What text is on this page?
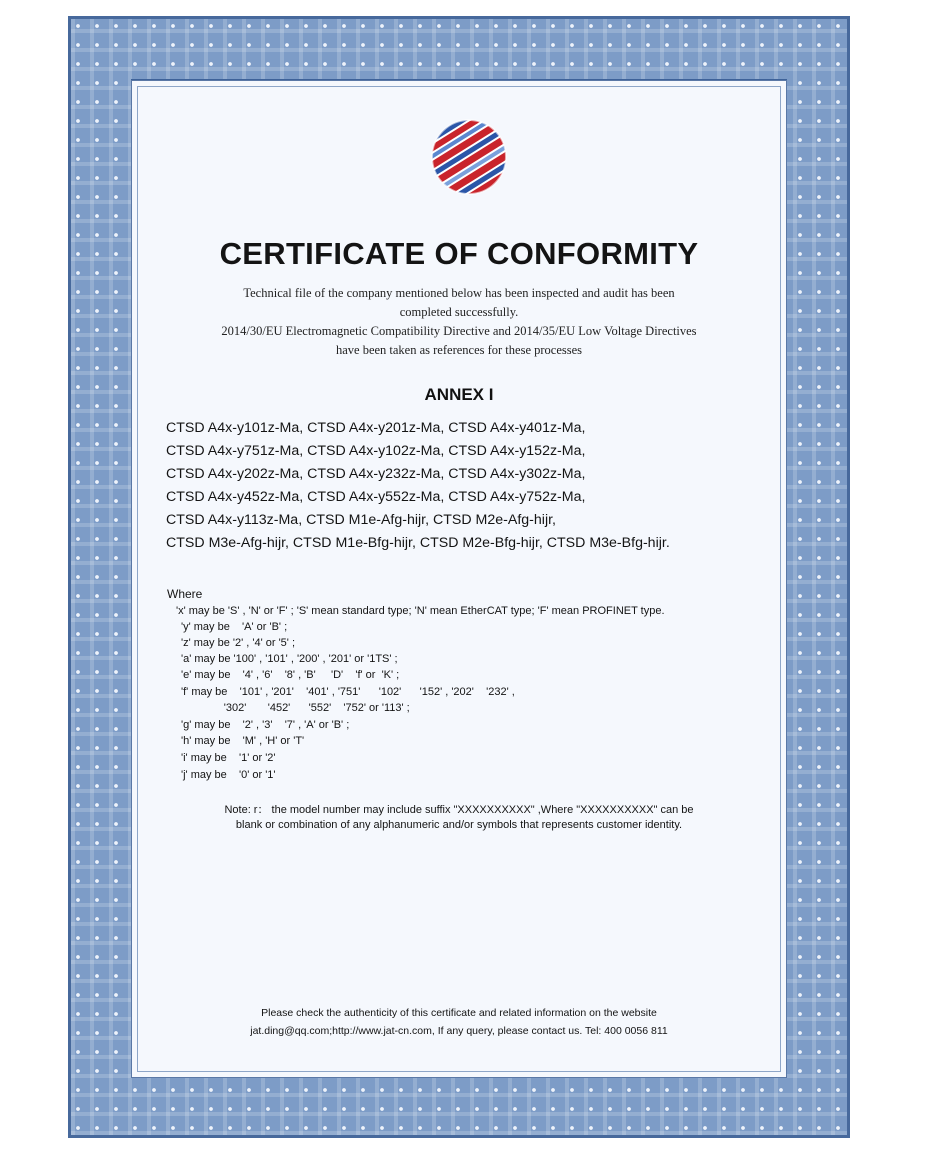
CERTIFICATE OF CONFORMITY
Technical file of the company mentioned below has been inspected and audit has been
completed successfully.
2014/30/EU Electromagnetic Compatibility Directive and 2014/35/EU Low Voltage Directives
have been taken as references for these processes
ANNEX I
CTSD A4x-y101z-Ma, CTSD A4x-y201z-Ma, CTSD A4x-y401z-Ma,
CTSD A4x-y751z-Ma, CTSD A4x-y102z-Ma, CTSD A4x-y152z-Ma,
CTSD A4x-y202z-Ma, CTSD A4x-y232z-Ma, CTSD A4x-y302z-Ma,
CTSD A4x-y452z-Ma, CTSD A4x-y552z-Ma, CTSD A4x-y752z-Ma,
CTSD A4x-y113z-Ma, CTSD M1e-Afg-hijr, CTSD M2e-Afg-hijr,
CTSD M3e-Afg-hijr, CTSD M1e-Bfg-hijr, CTSD M2e-Bfg-hijr, CTSD M3e-Bfg-hijr.
Where
'x' may be 'S' , 'N' or 'F' ; 'S' mean standard type; 'N' mean EtherCAT type; 'F' mean PROFINET type.
'y' may be    'A' or 'B' ;
'z' may be '2' , '4' or '5' ;
'a' may be '100' , '101' , '200' , '201' or '1TS' ;
'e' may be    '4' , '6'    '8' , 'B'     'D'    'f' or  'K' ;
'f' may be    '101' , '201'    '401' , '751'      '102'      '152' , '202'    '232' ,
'302'       '452'      '552'    '752' or '113' ;
'g' may be    '2' , '3'    '7' , 'A' or 'B' ;
'h' may be    'M' , 'H' or 'T'
'i' may be    '1' or '2'
'j' may be    '0' or '1'
Note: r： the model number may include suffix "XXXXXXXXXX" ,Where "XXXXXXXXXX" can be
blank or combination of any alphanumeric and/or symbols that represents customer identity.
Please check the authenticity of this certificate and related information on the website
jat.ding@qq.com;http://www.jat-cn.com, If any query, please contact us. Tel: 400 0056 811
